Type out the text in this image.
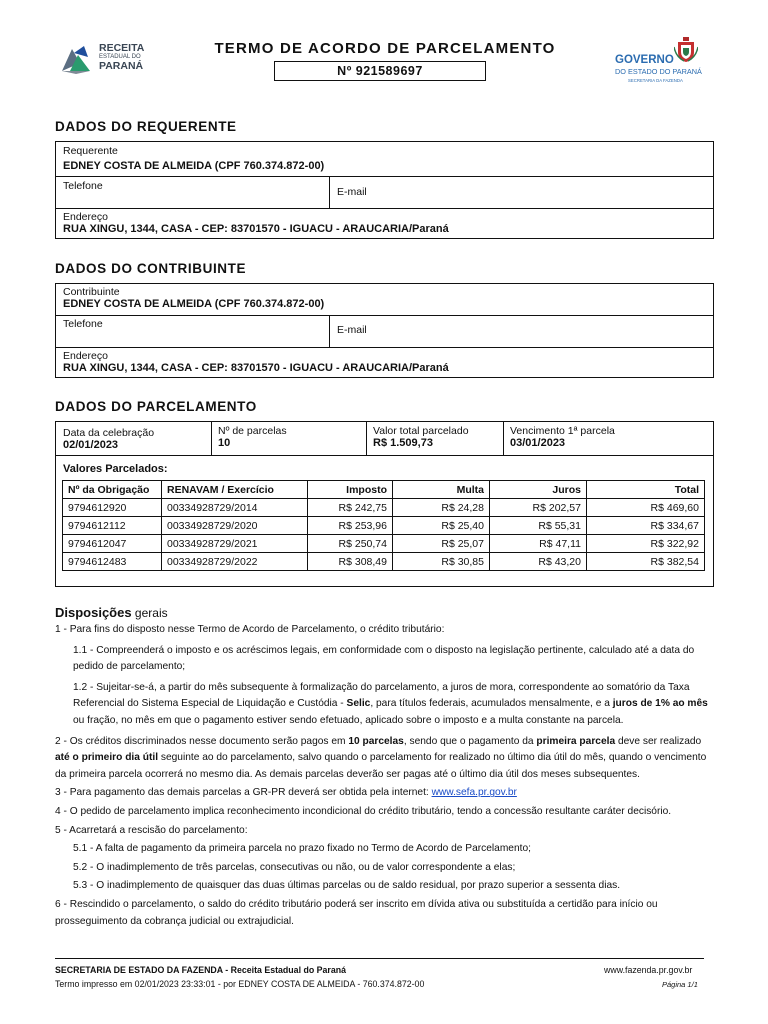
RECEITA
ESTADUAL DO
PARANÁ
TERMO DE ACORDO DE PARCELAMENTO
Nº 921589697
GOVERNO
DO ESTADO DO PARANÁ
SECRETARIA DA FAZENDA
DADOS DO REQUERENTE
Requerente
EDNEY COSTA DE ALMEIDA (CPF 760.374.872-00)
Telefone	E-mail
Endereço
RUA XINGU, 1344, CASA - CEP: 83701570 - IGUACU - ARAUCARIA/Paraná
DADOS DO CONTRIBUINTE
Contribuinte
EDNEY COSTA DE ALMEIDA (CPF 760.374.872-00)
Telefone	E-mail
Endereço
RUA XINGU, 1344, CASA - CEP: 83701570 - IGUACU - ARAUCARIA/Paraná
DADOS DO PARCELAMENTO
Data da celebração
02/01/2023
Nº de parcelas
10
Valor total parcelado
R$ 1.509,73
Vencimento 1ª parcela
03/01/2023
Valores Parcelados:
Nº da Obrigação	RENAVAM / Exercício	Imposto	Multa	Juros	Total
9794612920	00334928729/2014	R$ 242,75	R$ 24,28	R$ 202,57	R$ 469,60
9794612112	00334928729/2020	R$ 253,96	R$ 25,40	R$ 55,31	R$ 334,67
9794612047	00334928729/2021	R$ 250,74	R$ 25,07	R$ 47,11	R$ 322,92
9794612483	00334928729/2022	R$ 308,49	R$ 30,85	R$ 43,20	R$ 382,54

Disposições gerais

1 - Para fins do disposto nesse Termo de Acordo de Parcelamento, o crédito tributário:

1.1 - Compreenderá o imposto e os acréscimos legais, em conformidade com o disposto na legislação pertinente, calculado até a data do pedido de parcelamento;

1.2 - Sujeitar-se-á, a partir do mês subsequente à formalização do parcelamento, a juros de mora, correspondente ao somatório da Taxa Referencial do Sistema Especial de Liquidação e Custódia - Selic, para títulos federais, acumulados mensalmente, e a juros de 1% ao mês ou fração, no mês em que o pagamento estiver sendo efetuado, aplicado sobre o imposto e a multa constante na parcela.

2 - Os créditos discriminados nesse documento serão pagos em 10 parcelas, sendo que o pagamento da primeira parcela deve ser realizado até o primeiro dia útil seguinte ao do parcelamento, salvo quando o parcelamento for realizado no último dia útil do mês, quando o vencimento da primeira parcela ocorrerá no mesmo dia. As demais parcelas deverão ser pagas até o último dia útil dos meses subsequentes.

3 - Para pagamento das demais parcelas a GR-PR deverá ser obtida pela internet: www.sefa.pr.gov.br

4 - O pedido de parcelamento implica reconhecimento incondicional do crédito tributário, tendo a concessão resultante caráter decisório.

5 - Acarretará a rescisão do parcelamento:

5.1 - A falta de pagamento da primeira parcela no prazo fixado no Termo de Acordo de Parcelamento;

5.2 - O inadimplemento de três parcelas, consecutivas ou não, ou de valor correspondente a elas;

5.3 - O inadimplemento de quaisquer das duas últimas parcelas ou de saldo residual, por prazo superior a sessenta dias.

6 - Rescindido o parcelamento, o saldo do crédito tributário poderá ser inscrito em dívida ativa ou substituída a certidão para início ou prosseguimento da cobrança judicial ou extrajudicial.

SECRETARIA DE ESTADO DA FAZENDA - Receita Estadual do Paraná	www.fazenda.pr.gov.br
Termo impresso em 02/01/2023 23:33:01 - por EDNEY COSTA DE ALMEIDA - 760.374.872-00	Página 1/1
